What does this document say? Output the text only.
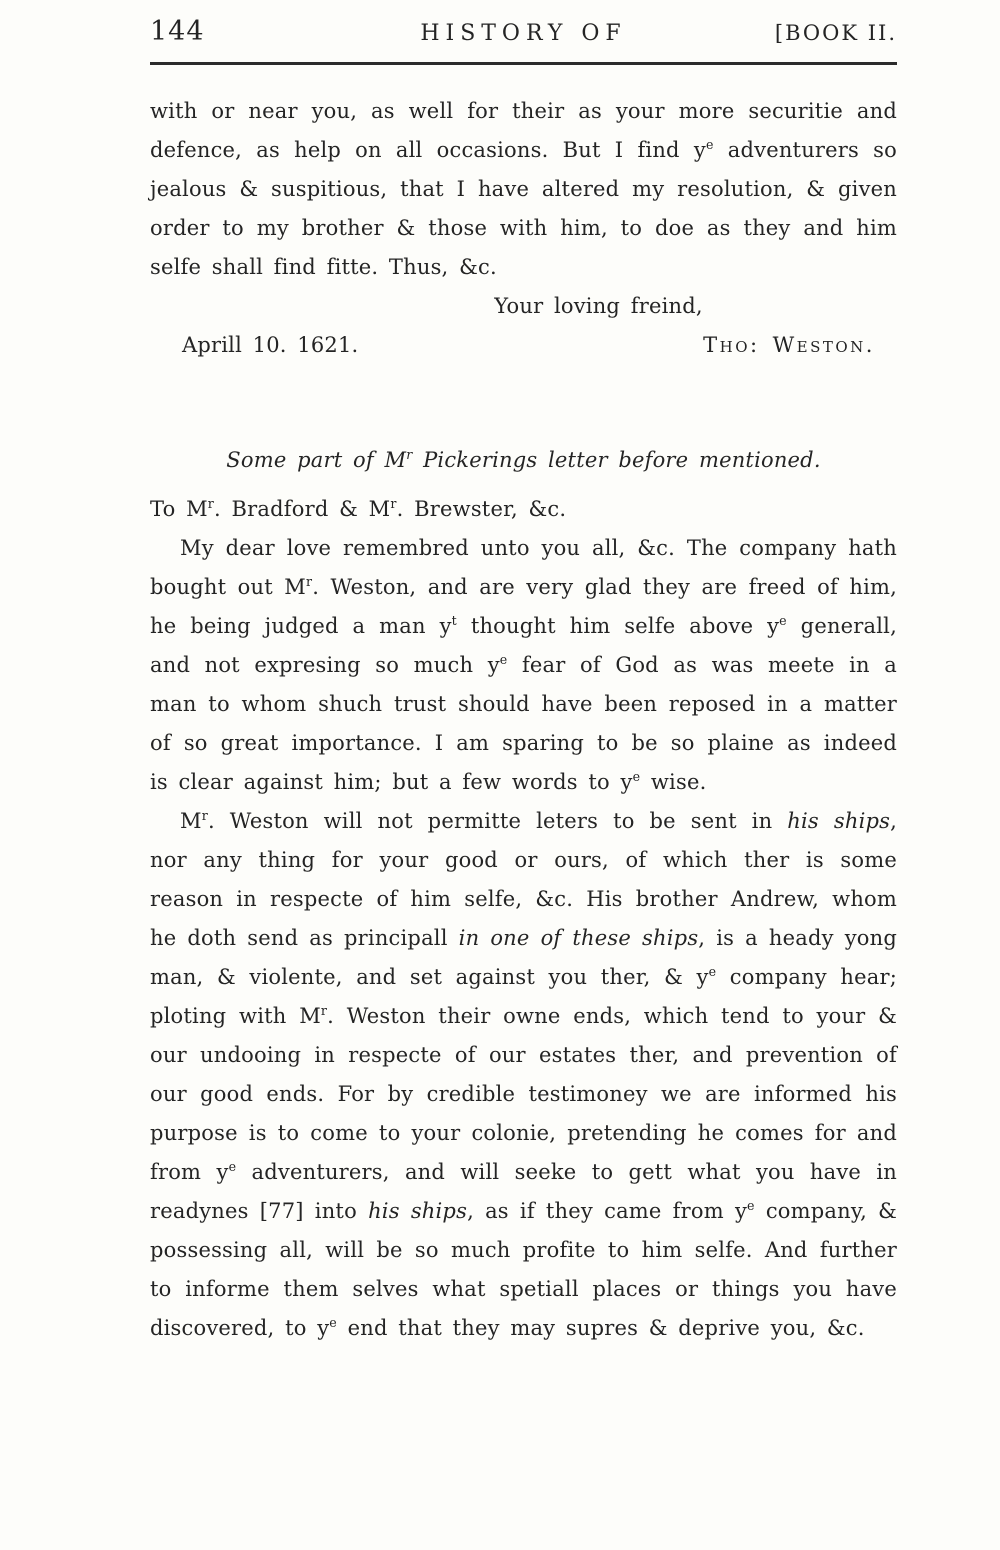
144	HISTORY OF	[BOOK II.

with or near you, as well for their as your more securitie and defence, as help on all occasions. But I find $y^e$ adventurers so jealous & suspitious, that I have altered my resolution, & given order to my brother & those with him, to doe as they and him selfe shall find fitte. Thus, &c.

Your loving freind,

Aprill 10. 1621.	Tho: Weston.

Some part of $M^r$ Pickerings letter before mentioned.

To $M^r$. Bradford & $M^r$. Brewster, &c.

My dear love remembred unto you all, &c. The company hath bought out $M^r$. Weston, and are very glad they are freed of him, he being judged a man $y^t$ thought him selfe above $y^e$ generall, and not expresing so much $y^e$ fear of God as was meete in a man to whom shuch trust should have been reposed in a matter of so great importance. I am sparing to be so plaine as indeed is clear against him; but a few words to $y^e$ wise.

$M^r$. Weston will not permitte leters to be sent in his ships, nor any thing for your good or ours, of which ther is some reason in respecte of him selfe, &c. His brother Andrew, whom he doth send as principall in one of these ships, is a heady yong man, & violente, and set against you ther, & $y^e$ company hear; ploting with $M^r$. Weston their owne ends, which tend to your & our undooing in respecte of our estates ther, and prevention of our good ends. For by credible testimoney we are informed his purpose is to come to your colonie, pretending he comes for and from $y^e$ adventurers, and will seeke to gett what you have in readynes [77] into his ships, as if they came from $y^e$ company, & possessing all, will be so much profite to him selfe. And further to informe them selves what spetiall places or things you have discovered, to $y^e$ end that they may supres & deprive you, &c.
